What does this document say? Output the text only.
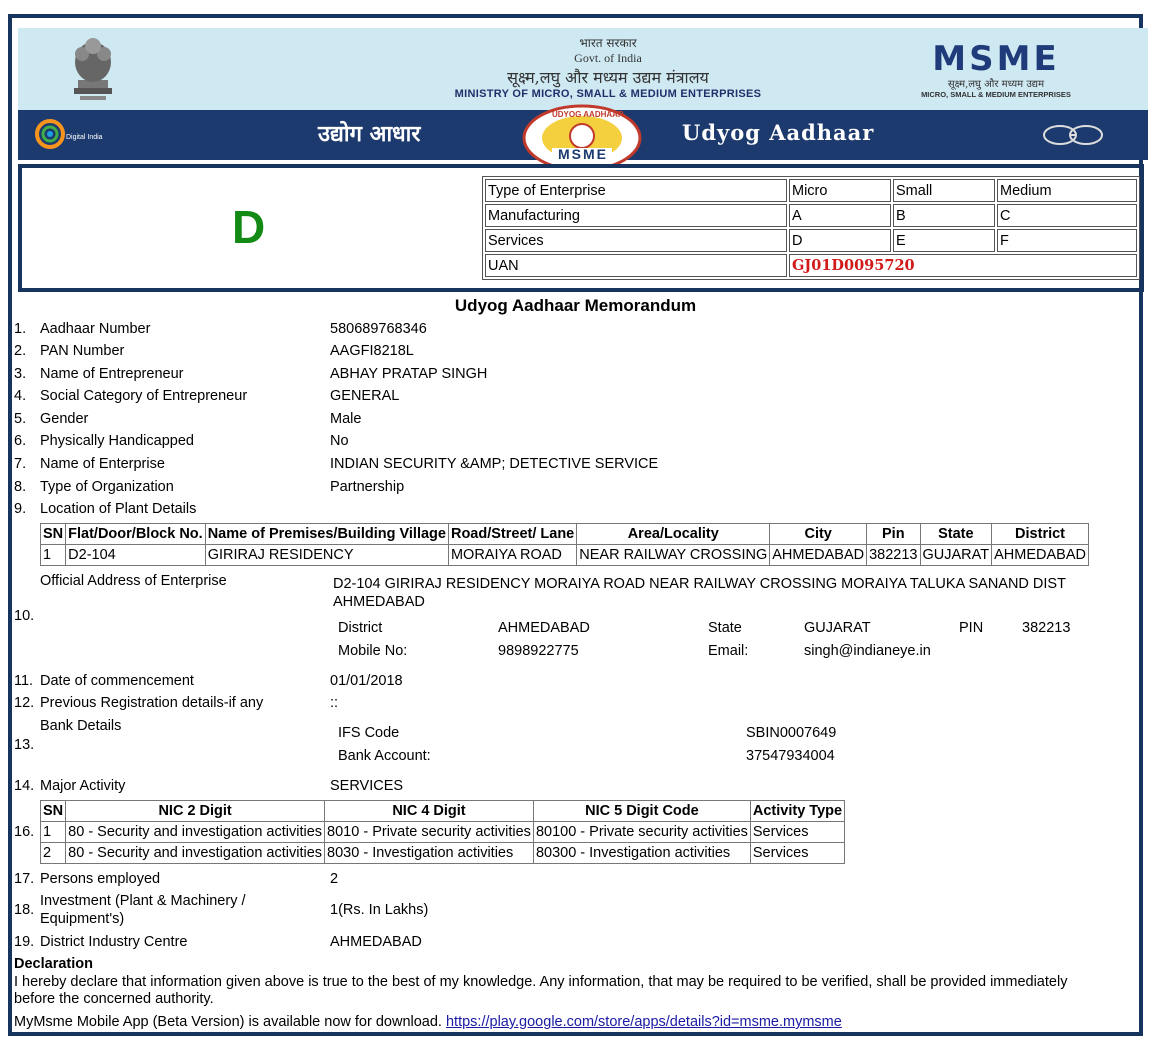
भारत सरकार
Govt. of India
सूक्ष्म,लघु और मध्यम उद्यम मंत्रालय
MINISTRY OF MICRO, SMALL & MEDIUM ENTERPRISES
MSME
सूक्ष्म,लघु और मध्यम उद्यम
MICRO, SMALL & MEDIUM ENTERPRISES
Digital India	उद्योग आधार
UDYOG AADHAAR
MSME
Udyog Aadhaar
D
Type of Enterprise	Micro	Small	Medium
Manufacturing	A	B	C
Services	D	E	F
UAN	GJ01D0095720		
Udyog Aadhaar Memorandum
1. Aadhaar Number	580689768346
2. PAN Number	AAGFI8218L
3. Name of Entrepreneur	ABHAY PRATAP SINGH
4. Social Category of Entrepreneur	GENERAL
5. Gender	Male
6. Physically Handicapped	No
7. Name of Enterprise	INDIAN SECURITY &AMP; DETECTIVE SERVICE
8. Type of Organization	Partnership
9. Location of Plant Details
SN	Flat/Door/Block No.	Name of Premises/Building Village	Road/Street/ Lane	Area/Locality	City	Pin	State	District
1	D2-104	GIRIRAJ RESIDENCY	MORAIYA ROAD	NEAR RAILWAY CROSSING	AHMEDABAD	382213	GUJARAT	AHMEDABAD
10.
Official Address of Enterprise	D2-104 GIRIRAJ RESIDENCY MORAIYA ROAD NEAR RAILWAY CROSSING MORAIYA TALUKA SANAND DIST
AHMEDABAD
District	AHMEDABAD	State	GUJARAT	PIN	382213
Mobile No:	9898922775	Email:	singh@indianeye.in
11. Date of commencement	01/01/2018
12. Previous Registration details-if any	::
13.
Bank Details	IFS Code	SBIN0007649
Bank Account:	37547934004
14. Major Activity	SERVICES
16.
SN	NIC 2 Digit	NIC 4 Digit	NIC 5 Digit Code	Activity Type
1	80 - Security and investigation activities	8010 - Private security activities	80100 - Private security activities	Services
2	80 - Security and investigation activities	8030 - Investigation activities	80300 - Investigation activities	Services
17. Persons employed	2
18.	1(Rs. In Lakhs)
Investment (Plant & Machinery /
Equipment's)
19. District Industry Centre	AHMEDABAD
Declaration
I hereby declare that information given above is true to the best of my knowledge. Any information, that may be required to be verified, shall be provided immediately
before the concerned authority.
MyMsme Mobile App (Beta Version) is available now for download. https://play.google.com/store/apps/details?id=msme.mymsme
